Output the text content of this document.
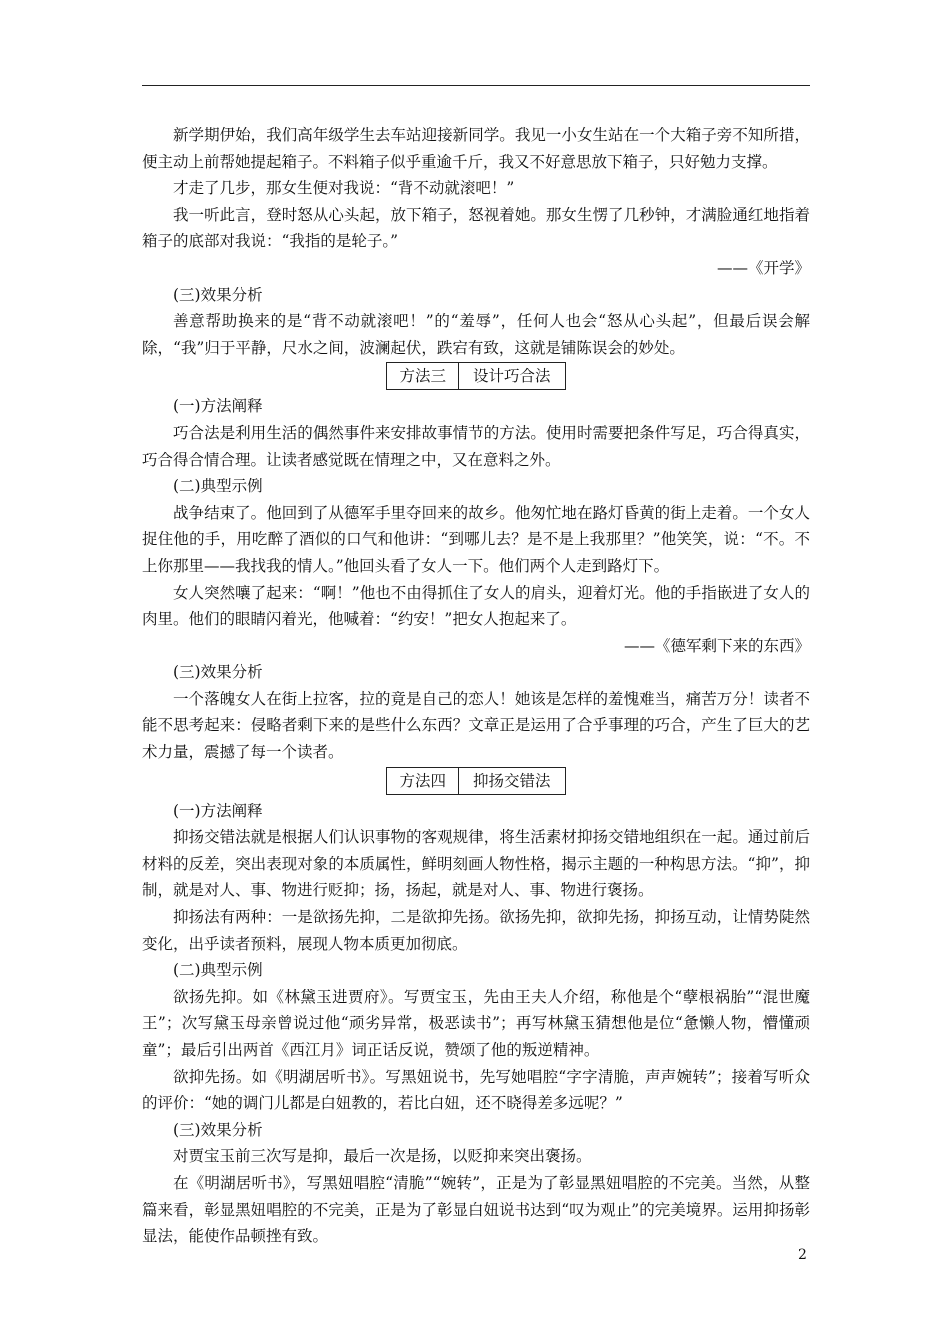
新学期伊始，我们高年级学生去车站迎接新同学。我见一小女生站在一个大箱子旁不知所措，便主动上前帮她提起箱子。不料箱子似乎重逾千斤，我又不好意思放下箱子，只好勉力支撑。

才走了几步，那女生便对我说：“背不动就滚吧！”

我一听此言，登时怒从心头起，放下箱子，怒视着她。那女生愣了几秒钟，才满脸通红地指着箱子的底部对我说：“我指的是轮子。”

——《开学》

(三)效果分析

善意帮助换来的是“背不动就滚吧！”的“羞辱”，任何人也会“怒从心头起”，但最后误会解除，“我”归于平静，尺水之间，波澜起伏，跌宕有致，这就是铺陈误会的妙处。

方法三	设计巧合法

(一)方法阐释

巧合法是利用生活的偶然事件来安排故事情节的方法。使用时需要把条件写足，巧合得真实，巧合得合情合理。让读者感觉既在情理之中，又在意料之外。

(二)典型示例

战争结束了。他回到了从德军手里夺回来的故乡。他匆忙地在路灯昏黄的街上走着。一个女人捉住他的手，用吃醉了酒似的口气和他讲：“到哪儿去？是不是上我那里？”他笑笑，说：“不。不上你那里——我找我的情人。”他回头看了女人一下。他们两个人走到路灯下。

女人突然嚷了起来：“啊！”他也不由得抓住了女人的肩头，迎着灯光。他的手指嵌进了女人的肉里。他们的眼睛闪着光，他喊着：“约安！”把女人抱起来了。

——《德军剩下来的东西》

(三)效果分析

一个落魄女人在街上拉客，拉的竟是自己的恋人！她该是怎样的羞愧难当，痛苦万分！读者不能不思考起来：侵略者剩下来的是些什么东西？文章正是运用了合乎事理的巧合，产生了巨大的艺术力量，震撼了每一个读者。

方法四	抑扬交错法

(一)方法阐释

抑扬交错法就是根据人们认识事物的客观规律，将生活素材抑扬交错地组织在一起。通过前后材料的反差，突出表现对象的本质属性，鲜明刻画人物性格，揭示主题的一种构思方法。“抑”，抑制，就是对人、事、物进行贬抑；扬，扬起，就是对人、事、物进行褒扬。

抑扬法有两种：一是欲扬先抑，二是欲抑先扬。欲扬先抑，欲抑先扬，抑扬互动，让情势陡然变化，出乎读者预料，展现人物本质更加彻底。

(二)典型示例

欲扬先抑。如《林黛玉进贾府》。写贾宝玉，先由王夫人介绍，称他是个“孽根祸胎”“混世魔王”；次写黛玉母亲曾说过他“顽劣异常，极恶读书”；再写林黛玉猜想他是位“惫懒人物，懵懂顽童”；最后引出两首《西江月》词正话反说，赞颂了他的叛逆精神。

欲抑先扬。如《明湖居听书》。写黑妞说书，先写她唱腔“字字清脆，声声婉转”；接着写听众的评价：“她的调门儿都是白妞教的，若比白妞，还不晓得差多远呢？”

(三)效果分析

对贾宝玉前三次写是抑，最后一次是扬，以贬抑来突出褒扬。

在《明湖居听书》，写黑妞唱腔“清脆”“婉转”，正是为了彰显黑妞唱腔的不完美。当然，从整篇来看，彰显黑妞唱腔的不完美，正是为了彰显白妞说书达到“叹为观止”的完美境界。运用抑扬彰显法，能使作品顿挫有致。

2
